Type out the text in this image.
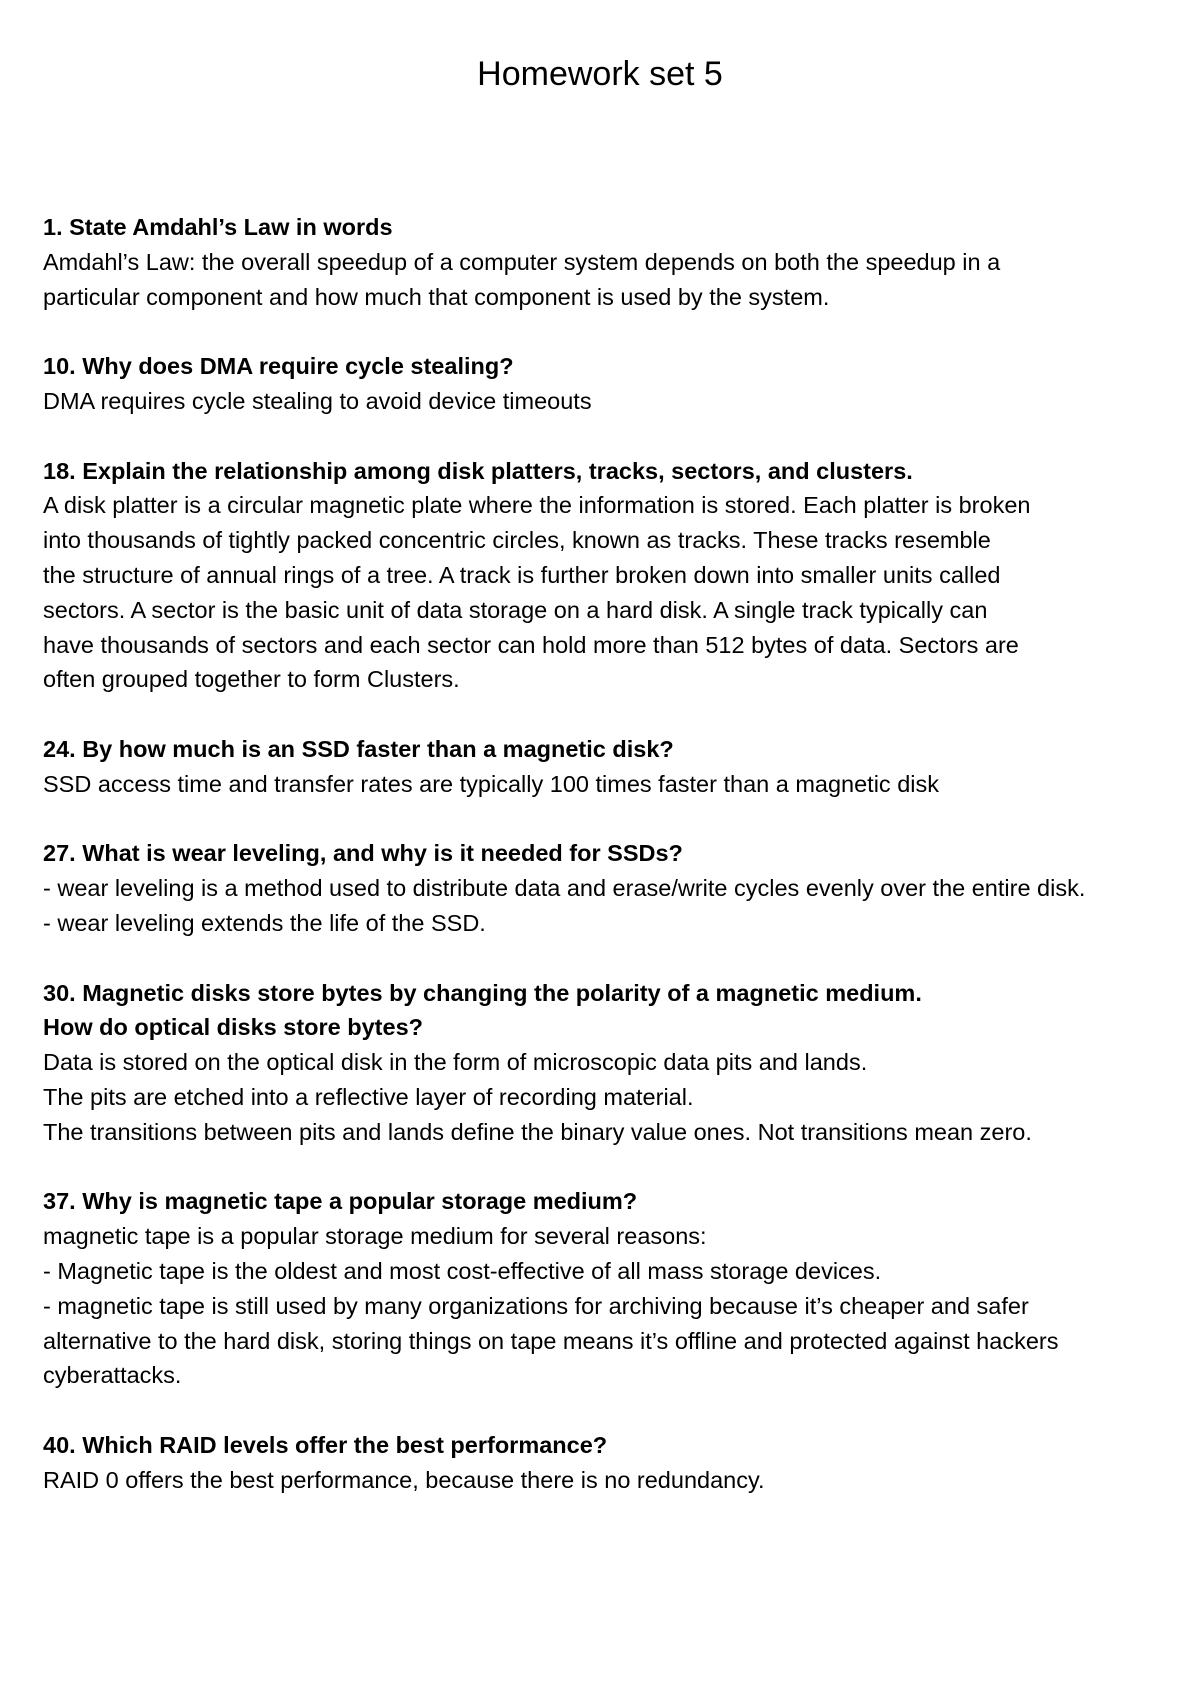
Homework set 5

1. State Amdahl’s Law in words

Amdahl’s Law: the overall speedup of a computer system depends on both the speedup in a

particular component and how much that component is used by the system.

10. Why does DMA require cycle stealing?

DMA requires cycle stealing to avoid device timeouts

18. Explain the relationship among disk platters, tracks, sectors, and clusters.

A disk platter is a circular magnetic plate where the information is stored. Each platter is broken

into thousands of tightly packed concentric circles, known as tracks. These tracks resemble

the structure of annual rings of a tree. A track is further broken down into smaller units called

sectors. A sector is the basic unit of data storage on a hard disk. A single track typically can

have thousands of sectors and each sector can hold more than 512 bytes of data. Sectors are

often grouped together to form Clusters.

24. By how much is an SSD faster than a magnetic disk?

SSD access time and transfer rates are typically 100 times faster than a magnetic disk

27. What is wear leveling, and why is it needed for SSDs?

- wear leveling is a method used to distribute data and erase/write cycles evenly over the entire disk.

- wear leveling extends the life of the SSD.

30. Magnetic disks store bytes by changing the polarity of a magnetic medium.

How do optical disks store bytes?

Data is stored on the optical disk in the form of microscopic data pits and lands.

The pits are etched into a reflective layer of recording material.

The transitions between pits and lands define the binary value ones. Not transitions mean zero.

37. Why is magnetic tape a popular storage medium?

magnetic tape is a popular storage medium for several reasons:

- Magnetic tape is the oldest and most cost-effective of all mass storage devices.

- magnetic tape is still used by many organizations for archiving because it’s cheaper and safer

alternative to the hard disk, storing things on tape means it’s offline and protected against hackers

cyberattacks.

40. Which RAID levels offer the best performance?

RAID 0 offers the best performance, because there is no redundancy.
